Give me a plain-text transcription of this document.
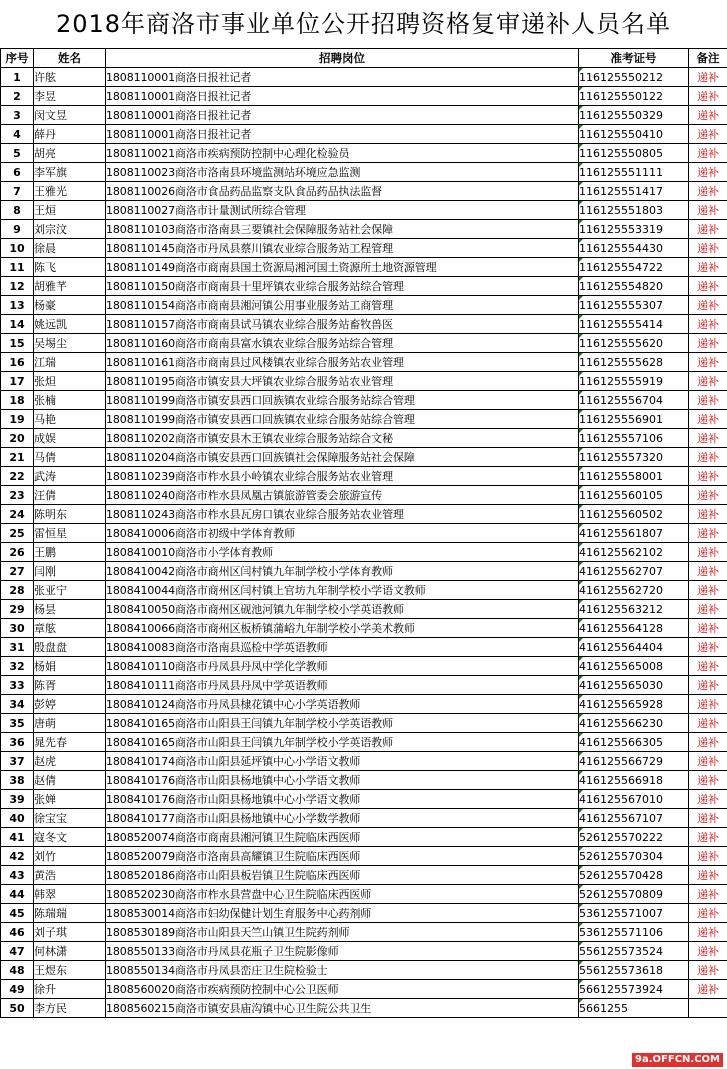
2018年商洛市事业单位公开招聘资格复审递补人员名单
序号	姓名	招聘岗位	准考证号	备注
1	许舷	1808110001商洛日报社记者	116125550212	递补
2	李昱	1808110001商洛日报社记者	116125550122	递补
3	闵文昱	1808110001商洛日报社记者	116125550329	递补
4	薛丹	1808110001商洛日报社记者	116125550410	递补
5	胡亮	1808110021商洛市疾病预防控制中心理化检验员	116125550805	递补
6	李军旗	1808110023商洛市洛南县环境监测站环境应急监测	116125551111	递补
7	王雅光	1808110026商洛市食品药品监察支队食品药品执法监督	116125551417	递补
8	王烜	1808110027商洛市计量测试所综合管理	116125551803	递补
9	刘宗汶	1808110103商洛市洛南县三要镇社会保障服务站社会保障	116125553319	递补
10	徐晨	1808110145商洛市丹凤县蔡川镇农业综合服务站工程管理	116125554430	递补
11	陈飞	1808110149商洛市商南县国土资源局湘河国土资源所土地资源管理	116125554722	递补
12	胡雅芊	1808110150商洛市商南县十里坪镇农业综合服务站综合管理	116125554820	递补
13	杨豪	1808110154商洛市商南县湘河镇公用事业服务站工商管理	116125555307	递补
14	姚远凯	1808110157商洛市商南县试马镇农业综合服务站畜牧兽医	116125555414	递补
15	吴埸尘	1808110160商洛市商南县富水镇农业综合服务站综合管理	116125555620	递补
16	江瑞	1808110161商洛市商南县过风楼镇农业综合服务站农业管理	116125555628	递补
17	张炟	1808110195商洛市镇安县大坪镇农业综合服务站农业管理	116125555919	递补
18	张楠	1808110199商洛市镇安县西口回族镇农业综合服务站综合管理	116125556704	递补
19	马艳	1808110199商洛市镇安县西口回族镇农业综合服务站综合管理	116125556901	递补
20	成娱	1808110202商洛市镇安县木王镇农业综合服务站综合文秘	116125557106	递补
21	马倩	1808110204商洛市镇安县西口回族镇社会保障服务站社会保障	116125557320	递补
22	武涛	1808110239商洛市柞水县小岭镇农业综合服务站农业管理	116125558001	递补
23	汪倩	1808110240商洛市柞水县凤凰古镇旅游管委会旅游宣传	116125560105	递补
24	陈明东	1808110243商洛市柞水县瓦房口镇农业综合服务站农业管理	116125560502	递补
25	雷恒星	1808410006商洛市初级中学体育教师	416125561807	递补
26	王鹏	1808410010商洛市小学体育教师	416125562102	递补
27	闫刚	1808410042商洛市商州区闫村镇九年制学校小学体育教师	416125562707	递补
28	张亚宁	1808410044商洛市商州区闫村镇上官坊九年制学校小学语文教师	416125562720	递补
29	杨昙	1808410050商洛市商州区砚池河镇九年制学校小学英语教师	416125563212	递补
30	章舷	1808410066商洛市商州区板桥镇蒲峪九年制学校小学美术教师	416125564128	递补
31	殷盘盘	1808410083商洛市洛南县巡检中学英语教师	416125564404	递补
32	杨娟	1808410110商洛市丹凤县丹凤中学化学教师	416125565008	递补
33	陈胥	1808410111商洛市丹凤县丹凤中学英语教师	416125565030	递补
34	彭婷	1808410124商洛市丹凤县棣花镇中心小学英语教师	416125565928	递补
35	唐萌	1808410165商洛市山阳县王闫镇九年制学校小学英语教师	416125566230	递补
36	晁先春	1808410165商洛市山阳县王闫镇九年制学校小学英语教师	416125566305	递补
37	赵虎	1808410174商洛市山阳县延坪镇中心小学语文教师	416125566729	递补
38	赵倩	1808410176商洛市山阳县杨地镇中心小学语文教师	416125566918	递补
39	张婵	1808410176商洛市山阳县杨地镇中心小学语文教师	416125567010	递补
40	徐宝宝	1808410177商洛市山阳县杨地镇中心小学数学教师	416125567107	递补
41	寇冬文	1808520074商洛市商南县湘河镇卫生院临床西医师	526125570222	递补
42	刘竹	1808520079商洛市洛南县高耀镇卫生院临床西医师	526125570304	递补
43	黄浩	1808520186商洛市山阳县板岩镇卫生院临床西医师	526125570428	递补
44	韩翠	1808520230商洛市柞水县营盘中心卫生院临床西医师	526125570809	递补
45	陈瑞瑞	1808530014商洛市妇幼保健计划生育服务中心药剂师	536125571007	递补
46	刘子琪	1808530189商洛市山阳县天竺山镇卫生院药剂师	536125571106	递补
47	何林潇	1808550133商洛市丹凤县花瓶子卫生院影像师	556125573524	递补
48	王煜东	1808550134商洛市丹凤县峦庄卫生院检验士	556125573618	递补
49	徐升	1808560020商洛市疾病预防控制中心公卫医师	566125573924	递补
50	李方民	1808560215商洛市镇安县庙沟镇中心卫生院公共卫生	5661255	
9a.OFFCN.COM
